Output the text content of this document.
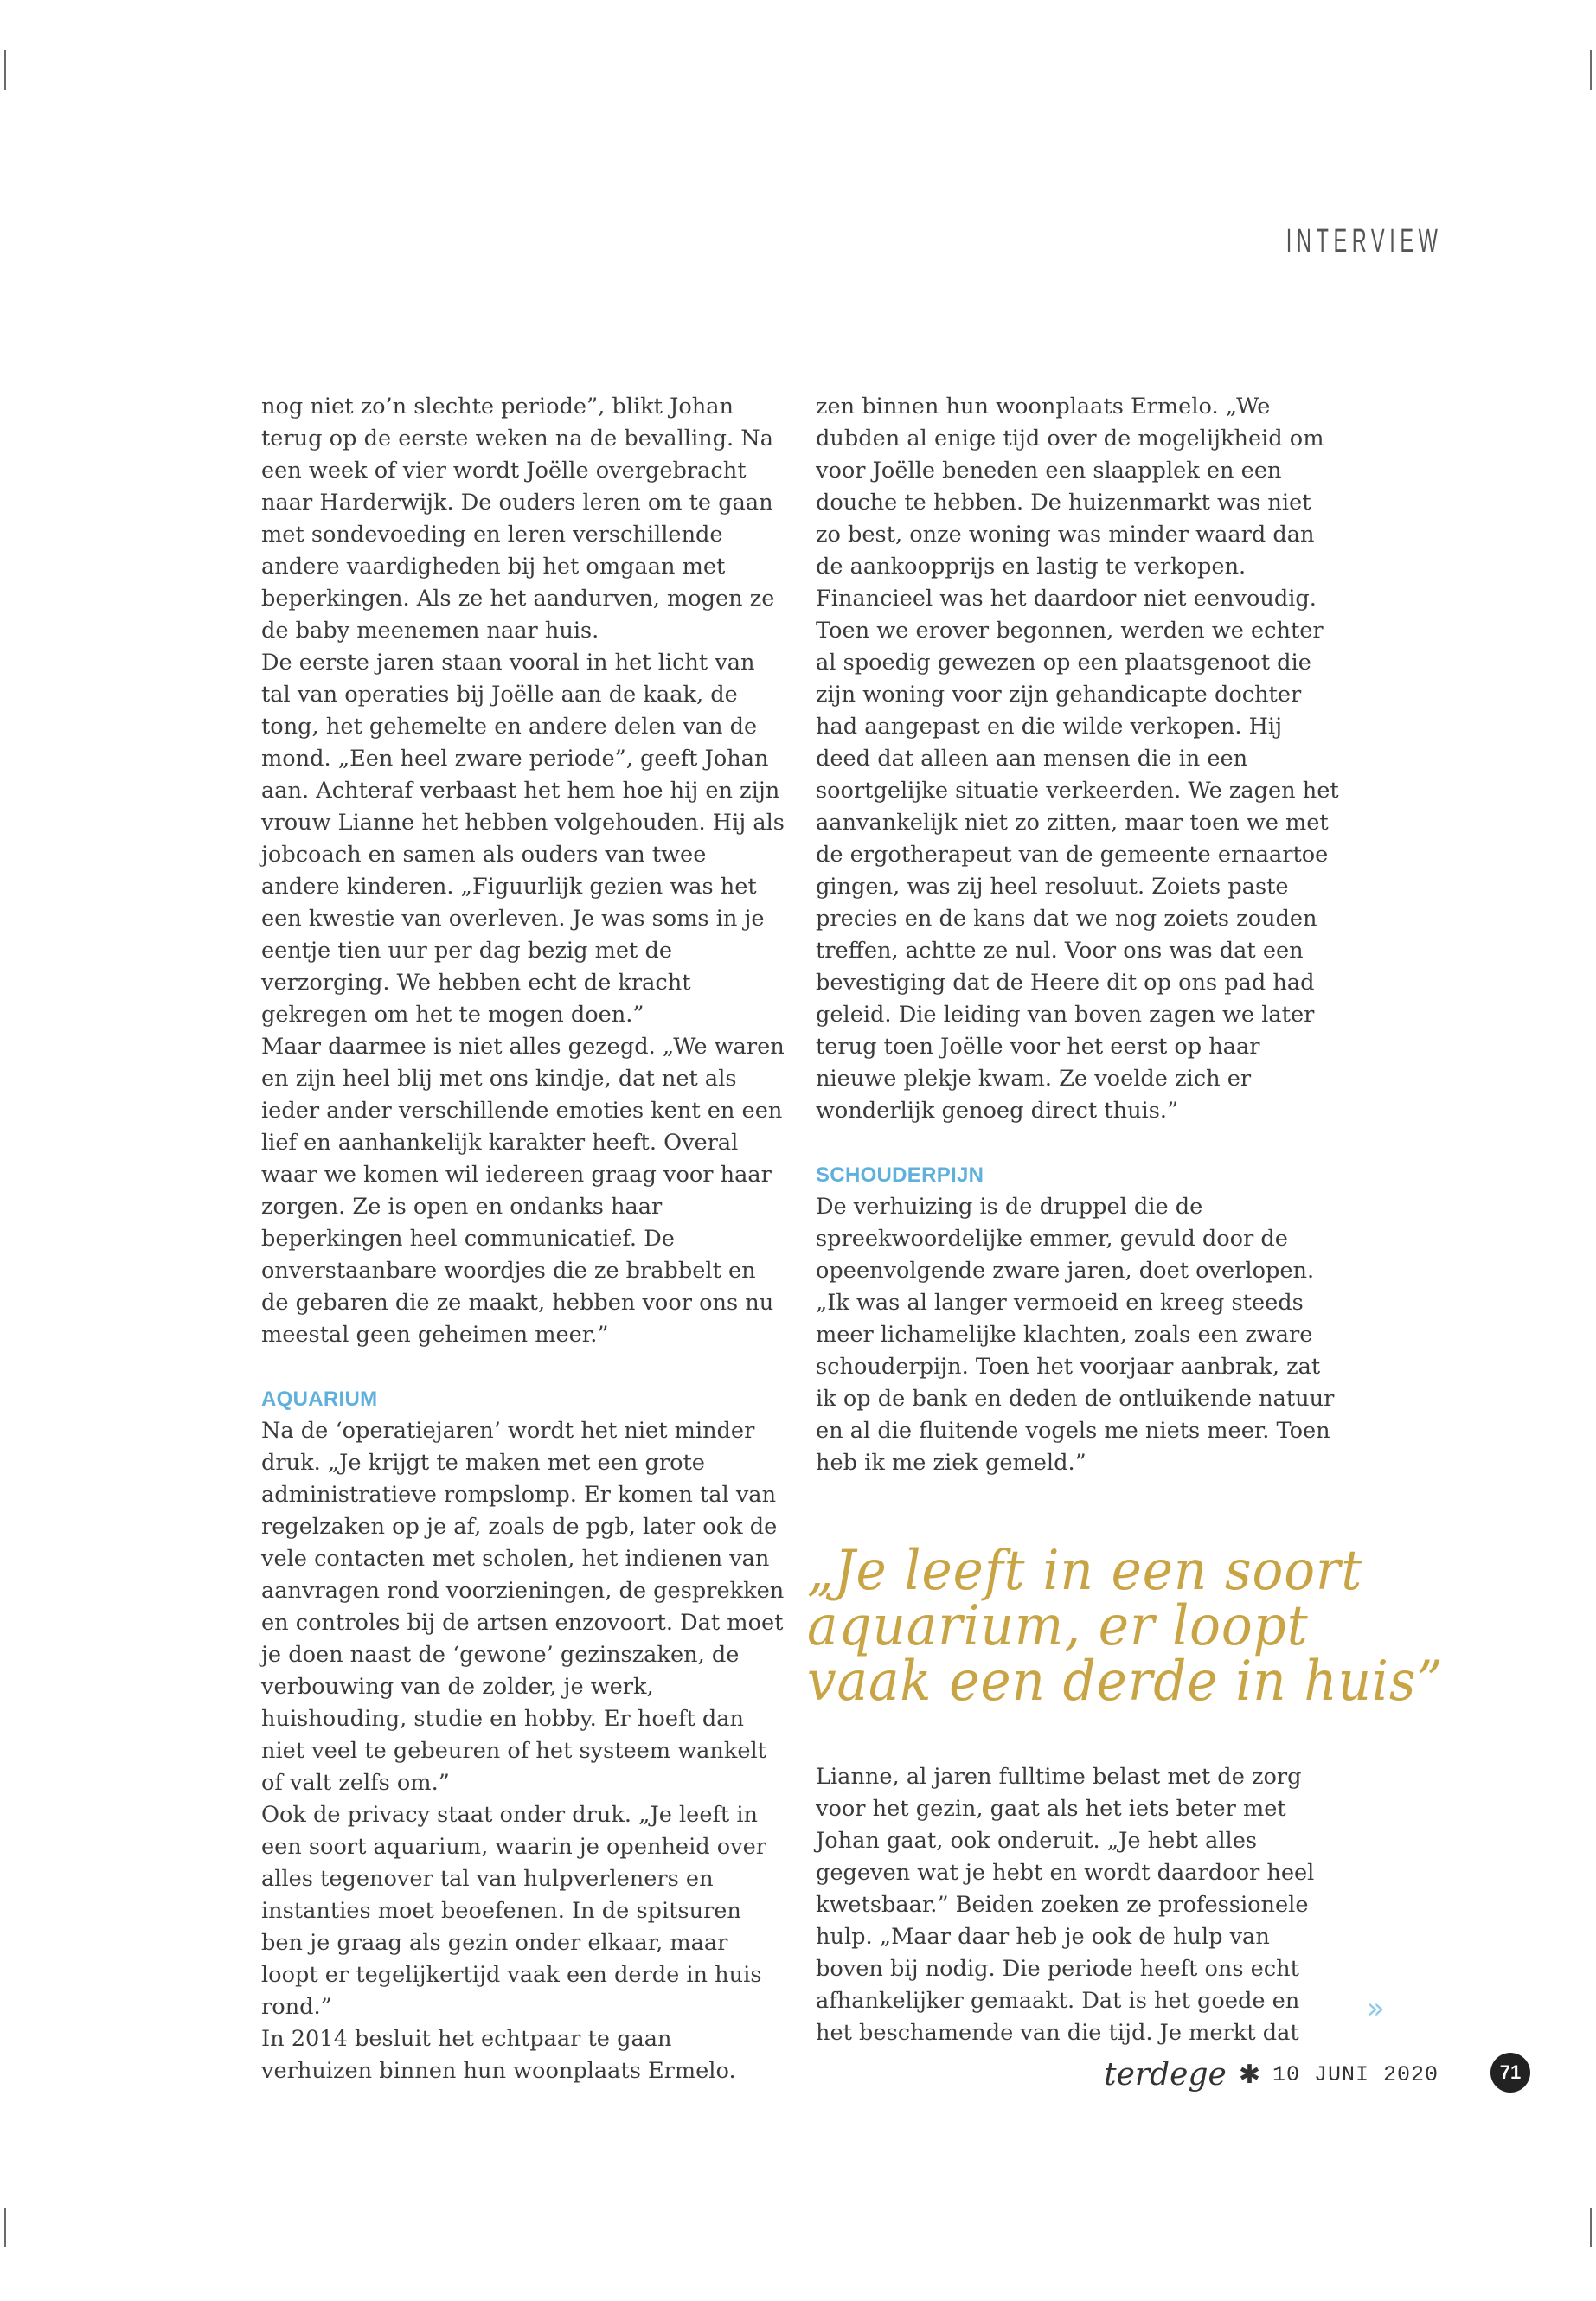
INTERVIEW

nog niet zo’n slechte periode”, blikt Johan terug op de eerste weken na de bevalling. Na een week of vier wordt Joëlle overgebracht naar Harderwijk. De ouders leren om te gaan met sondevoeding en leren verschillende andere vaardigheden bij het omgaan met beperkingen. Als ze het aandurven, mogen ze de baby meenemen naar huis.

De eerste jaren staan vooral in het licht van tal van operaties bij Joëlle aan de kaak, de tong, het gehemelte en andere delen van de mond. „Een heel zware periode”, geeft Johan aan. Achteraf verbaast het hem hoe hij en zijn vrouw Lianne het hebben volgehouden. Hij als jobcoach en samen als ouders van twee andere kinderen. „Figuurlijk gezien was het een kwestie van overleven. Je was soms in je eentje tien uur per dag bezig met de verzorging. We hebben echt de kracht gekregen om het te mogen doen.”

Maar daarmee is niet alles gezegd. „We waren en zijn heel blij met ons kindje, dat net als ieder ander verschillende emoties kent en een lief en aanhankelijk karakter heeft. Overal waar we komen wil iedereen graag voor haar zorgen. Ze is open en ondanks haar beperkingen heel communicatief. De onverstaanbare woordjes die ze brabbelt en de gebaren die ze maakt, hebben voor ons nu meestal geen geheimen meer.”

AQUARIUM

Na de ‘operatiejaren’ wordt het niet minder druk. „Je krijgt te maken met een grote administratieve rompslomp. Er komen tal van regelzaken op je af, zoals de pgb, later ook de vele contacten met scholen, het indienen van aanvragen rond voorzieningen, de gesprekken en controles bij de artsen enzovoort. Dat moet je doen naast de ‘gewone’ gezinszaken, de verbouwing van de zolder, je werk, huishouding, studie en hobby. Er hoeft dan niet veel te gebeuren of het systeem wankelt of valt zelfs om.”

Ook de privacy staat onder druk. „Je leeft in een soort aquarium, waarin je openheid over alles tegenover tal van hulpverleners en instanties moet beoefenen. In de spitsuren ben je graag als gezin onder elkaar, maar loopt er tegelijkertijd vaak een derde in huis rond.”

In 2014 besluit het echtpaar te gaan verhuizen binnen hun woonplaats Ermelo.

zen binnen hun woonplaats Ermelo. „We dubden al enige tijd over de mogelijkheid om voor Joëlle beneden een slaapplek en een douche te hebben. De huizenmarkt was niet zo best, onze woning was minder waard dan de aankoopprijs en lastig te verkopen. Financieel was het daardoor niet eenvoudig.

Toen we erover begonnen, werden we echter al spoedig gewezen op een plaatsgenoot die zijn woning voor zijn gehandicapte dochter had aangepast en die wilde verkopen. Hij deed dat alleen aan mensen die in een soortgelijke situatie verkeerden. We zagen het aanvankelijk niet zo zitten, maar toen we met de ergotherapeut van de gemeente ernaartoe gingen, was zij heel resoluut. Zoiets paste precies en de kans dat we nog zoiets zouden treffen, achtte ze nul. Voor ons was dat een bevestiging dat de Heere dit op ons pad had geleid. Die leiding van boven zagen we later terug toen Joëlle voor het eerst op haar nieuwe plekje kwam. Ze voelde zich er wonderlijk genoeg direct thuis.”

SCHOUDERPIJN

De verhuizing is de druppel die de spreekwoordelijke emmer, gevuld door de opeenvolgende zware jaren, doet overlopen. „Ik was al langer vermoeid en kreeg steeds meer lichamelijke klachten, zoals een zware schouderpijn. Toen het voorjaar aanbrak, zat ik op de bank en deden de ontluikende natuur en al die fluitende vogels me niets meer. Toen heb ik me ziek gemeld.”

„Je leeft in een soort
aquarium, er loopt
vaak een derde in huis”

Lianne, al jaren fulltime belast met de zorg voor het gezin, gaat als het iets beter met Johan gaat, ook onderuit. „Je hebt alles gegeven wat je hebt en wordt daardoor heel kwetsbaar.” Beiden zoeken ze professionele hulp. „Maar daar heb je ook de hulp van boven bij nodig. Die periode heeft ons echt afhankelijker gemaakt. Dat is het goede en het beschamende van die tijd. Je merkt dat

»
terdege ✱ 10 JUNI 2020	71
